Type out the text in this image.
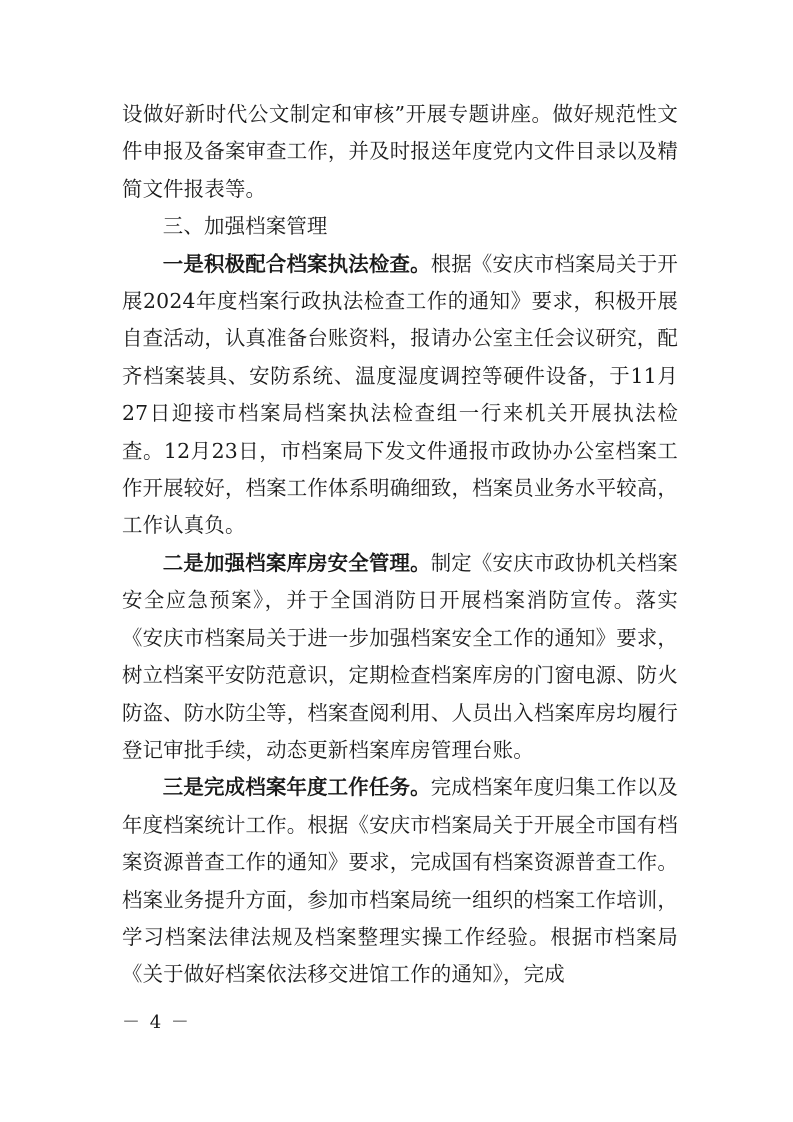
设做好新时代公文制定和审核”开展专题讲座。做好规范性文件申报及备案审查工作，并及时报送年度党内文件目录以及精简文件报表等。

三、加强档案管理

一是积极配合档案执法检查。根据《安庆市档案局关于开展2024年度档案行政执法检查工作的通知》要求，积极开展自查活动，认真准备台账资料，报请办公室主任会议研究，配齐档案装具、安防系统、温度湿度调控等硬件设备，于11月27日迎接市档案局档案执法检查组一行来机关开展执法检查。12月23日，市档案局下发文件通报市政协办公室档案工作开展较好，档案工作体系明确细致，档案员业务水平较高，工作认真负。

二是加强档案库房安全管理。制定《安庆市政协机关档案安全应急预案》，并于全国消防日开展档案消防宣传。落实《安庆市档案局关于进一步加强档案安全工作的通知》要求，树立档案平安防范意识，定期检查档案库房的门窗电源、防火防盗、防水防尘等，档案查阅利用、人员出入档案库房均履行登记审批手续，动态更新档案库房管理台账。

三是完成档案年度工作任务。完成档案年度归集工作以及年度档案统计工作。根据《安庆市档案局关于开展全市国有档案资源普查工作的通知》要求，完成国有档案资源普查工作。档案业务提升方面，参加市档案局统一组织的档案工作培训，学习档案法律法规及档案整理实操工作经验。根据市档案局《关于做好档案依法移交进馆工作的通知》，完成

－ 4 －
